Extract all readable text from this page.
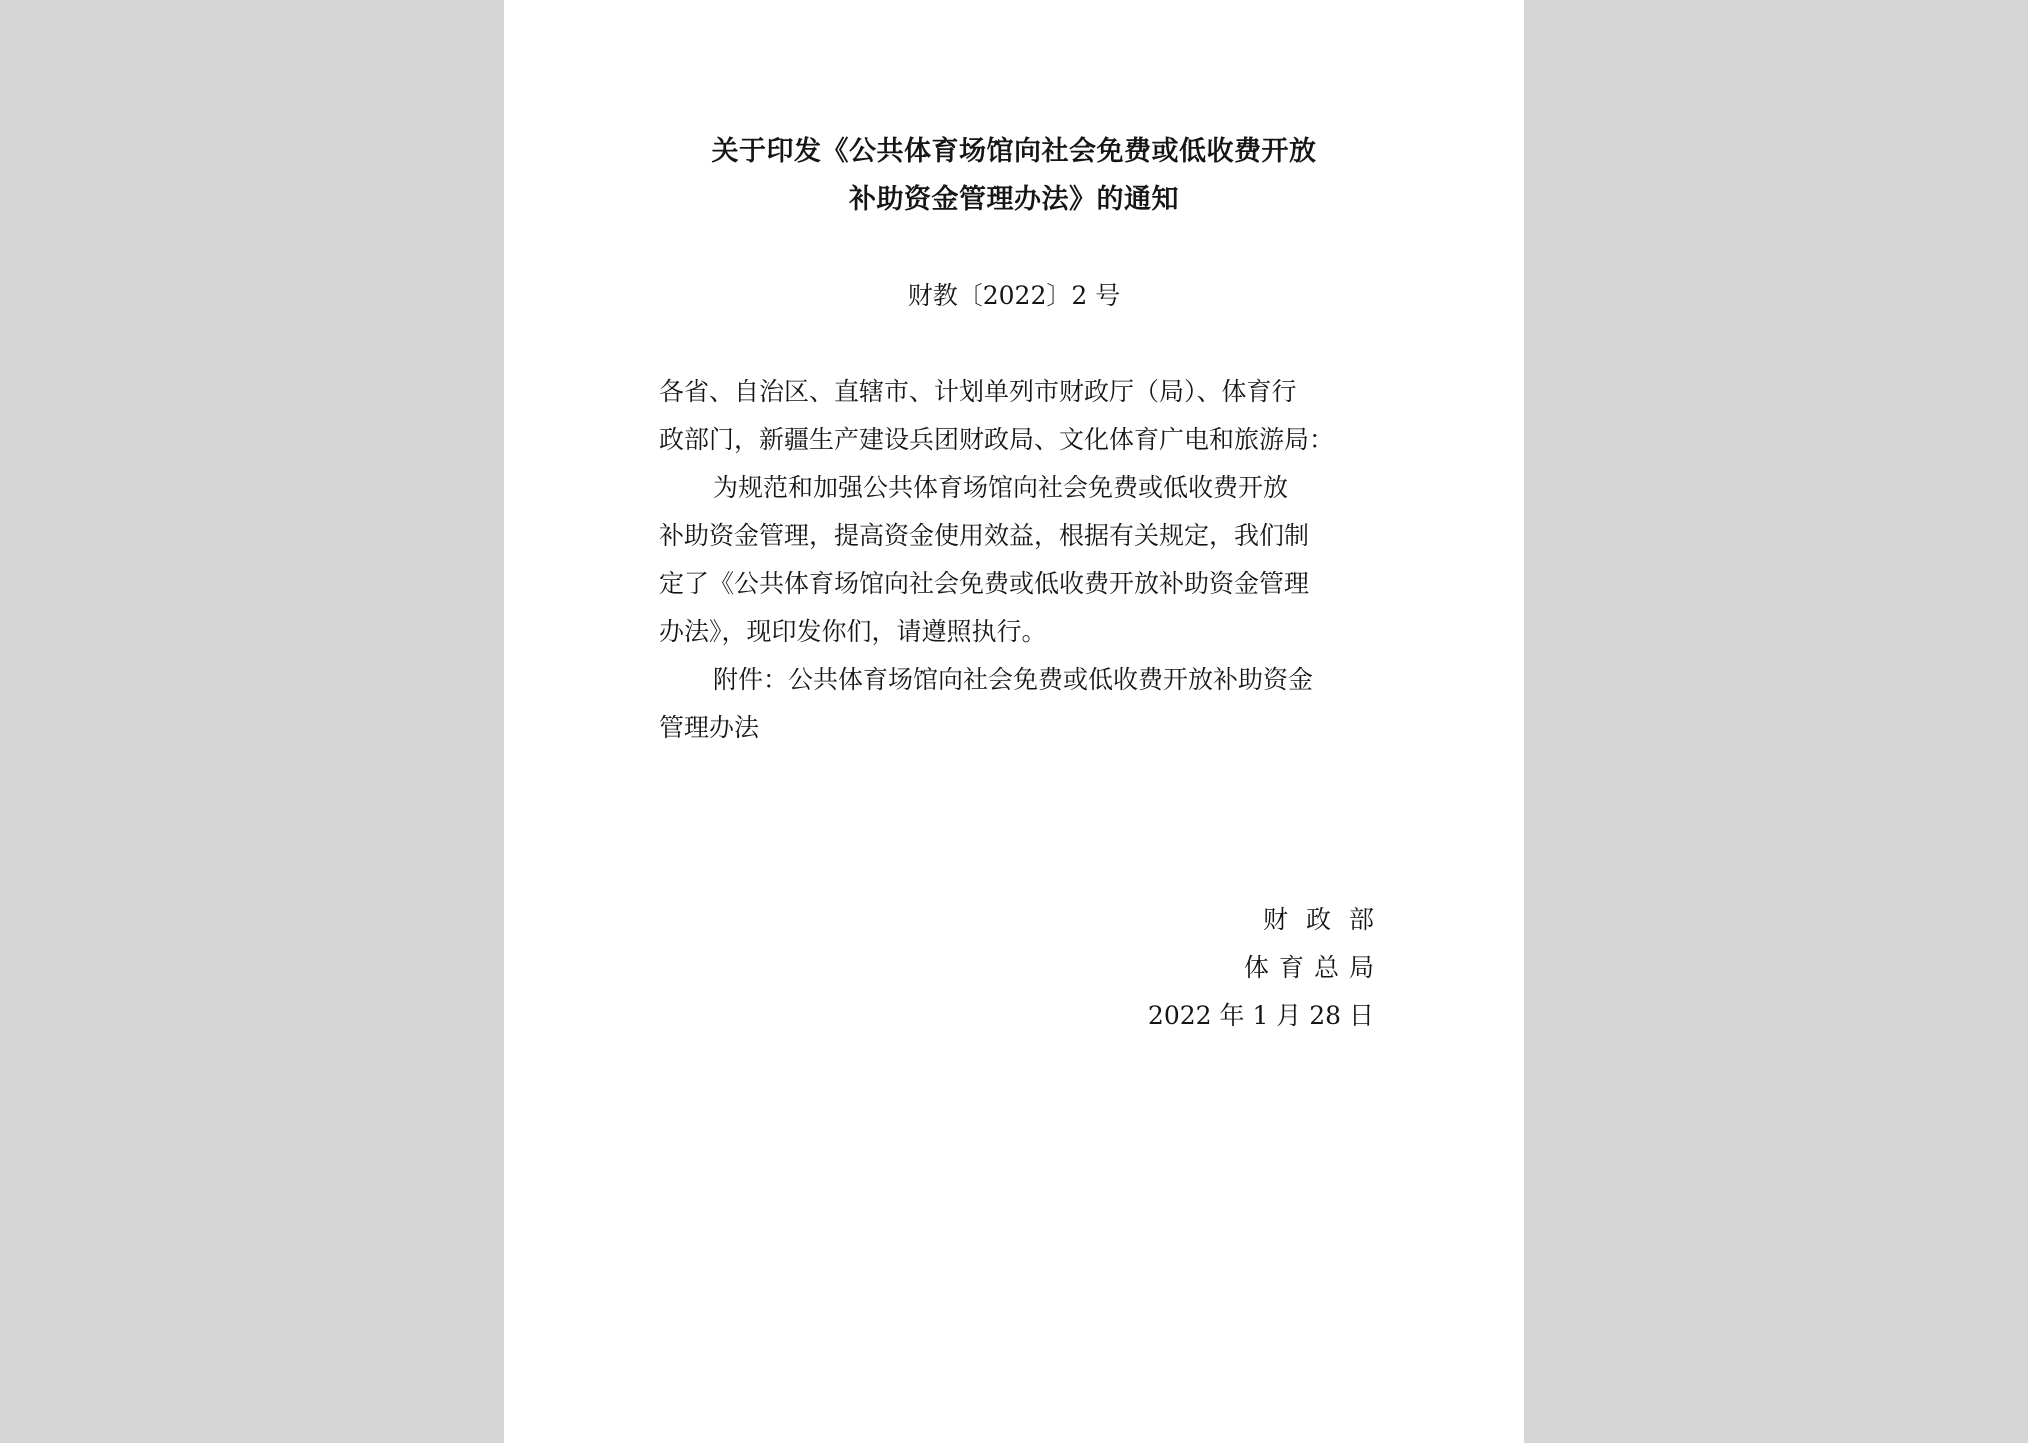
关于印发《公共体育场馆向社会免费或低收费开放
补助资金管理办法》的通知
财教〔2022〕2 号
各省、自治区、直辖市、计划单列市财政厅（局）、体育行
政部门，新疆生产建设兵团财政局、文化体育广电和旅游局：
为规范和加强公共体育场馆向社会免费或低收费开放
补助资金管理，提高资金使用效益，根据有关规定，我们制
定了《公共体育场馆向社会免费或低收费开放补助资金管理
办法》，现印发你们，请遵照执行。
附件：公共体育场馆向社会免费或低收费开放补助资金
管理办法
财政部
体育总局
2022 年 1 月 28 日
